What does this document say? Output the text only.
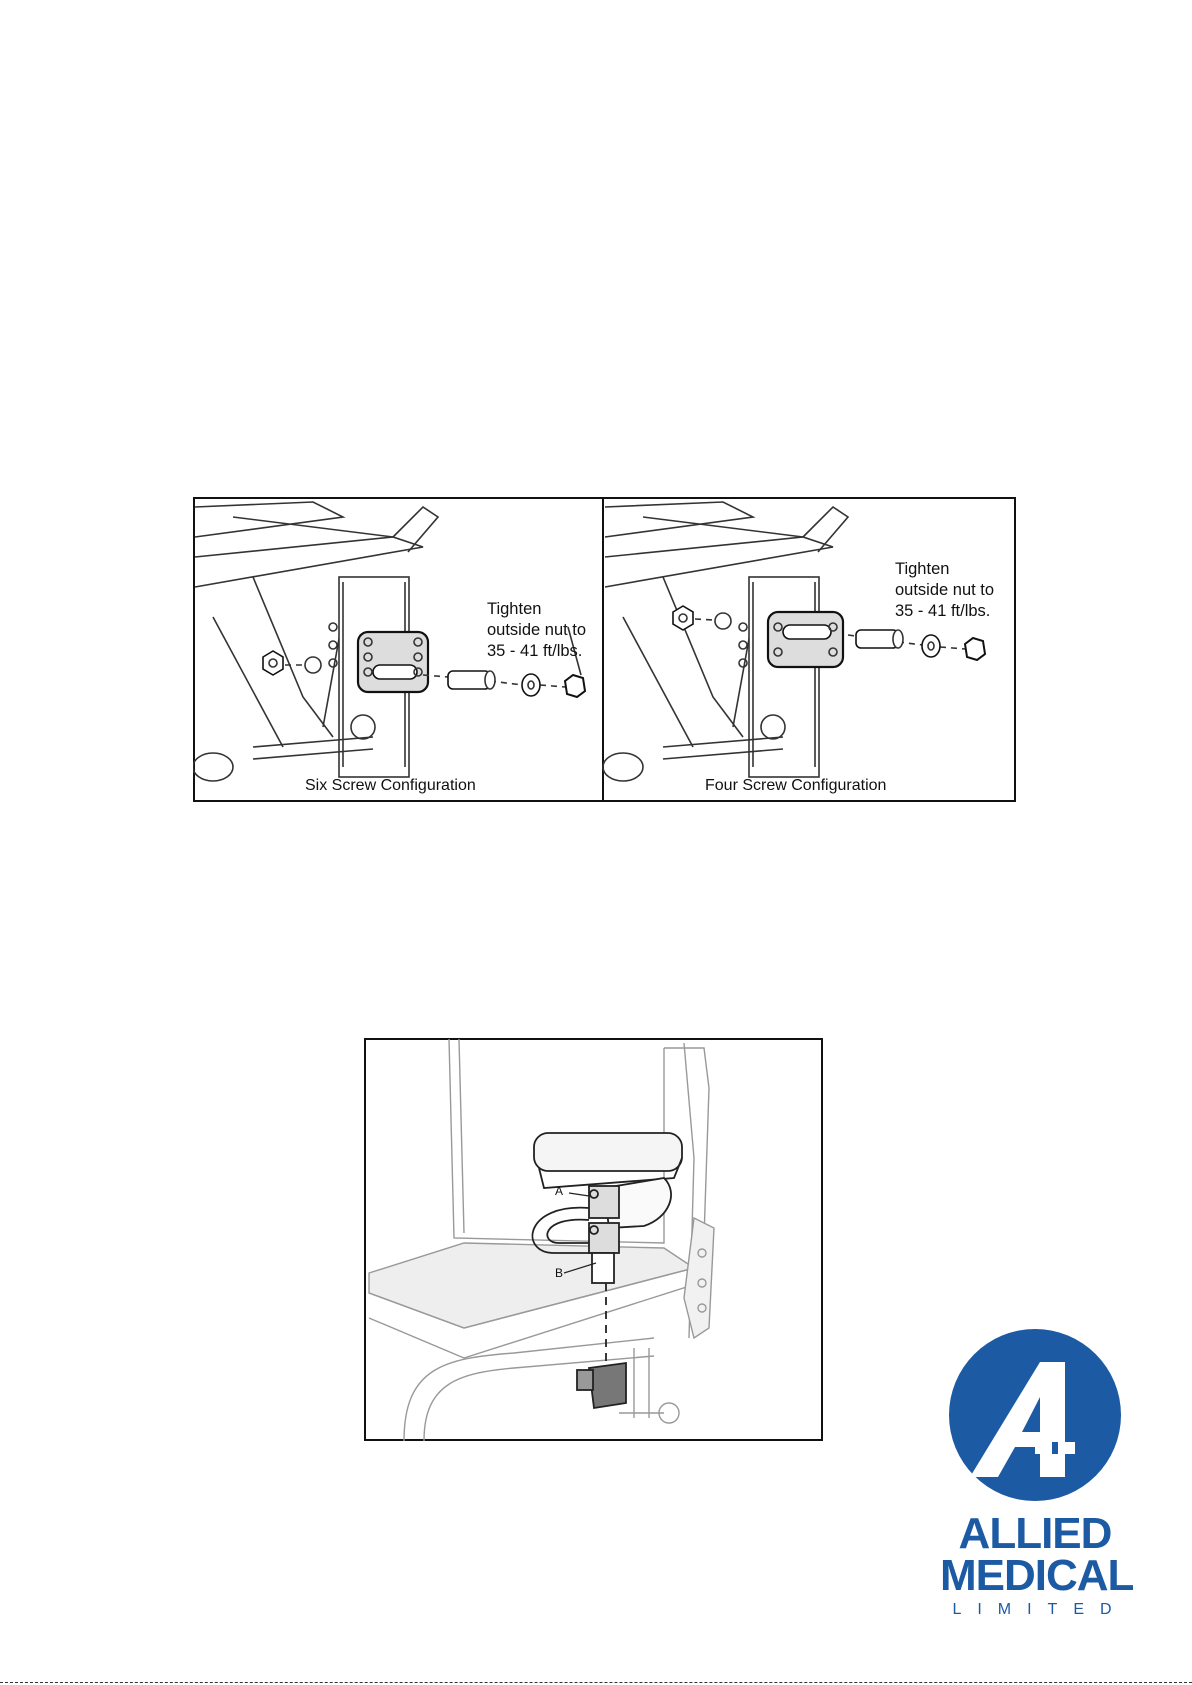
Tighten
outside nut to
35 - 41 ft/lbs.
Tighten
outside nut to
35 - 41 ft/lbs.
Six Screw Configuration	Four Screw Configuration
A
B
ALLIED
MEDICAL
LIMITED
